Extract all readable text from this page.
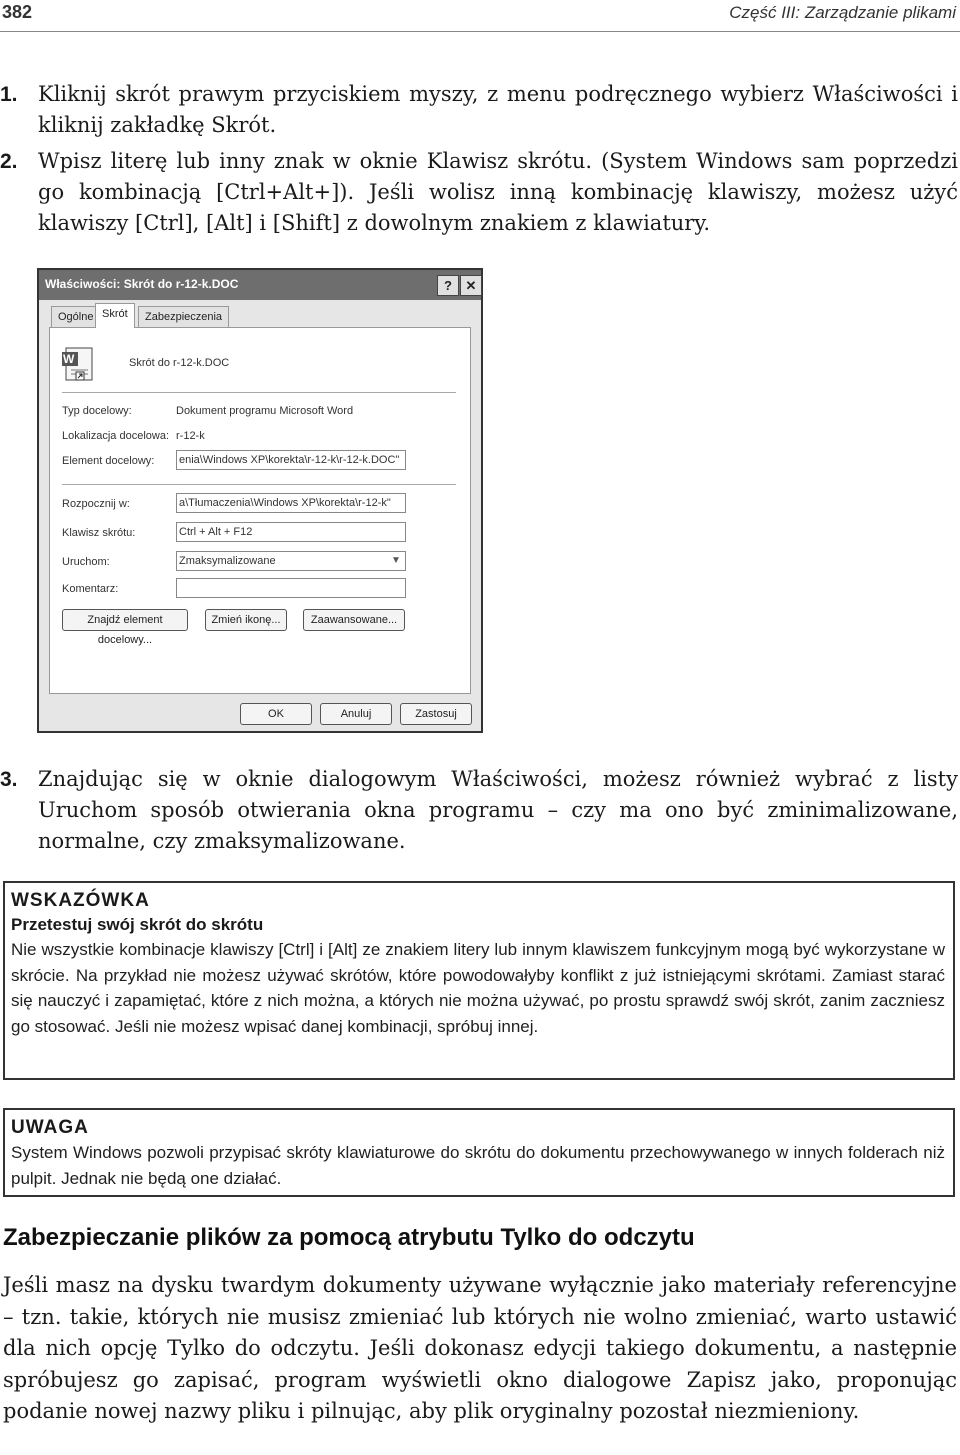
382	Część III: Zarządzanie plikami
1. Kliknij skrót prawym przyciskiem myszy, z menu podręcznego wybierz Właściwości i kliknij zakładkę Skrót.
2. Wpisz literę lub inny znak w oknie Klawisz skrótu. (System Windows sam poprzedzi go kombinacją [Ctrl+Alt+]). Jeśli wolisz inną kombinację klawiszy, możesz użyć klawiszy [Ctrl], [Alt] i [Shift] z dowolnym znakiem z klawiatury.
Właściwości: Skrót do r-12-k.DOC	?	✕
Ogólne Skrót	Zabezpieczenia
W	Skrót do r-12-k.DOC
Typ docelowy:	Dokument programu Microsoft Word
Lokalizacja docelowa: r-12-k
Element docelowy: enia\Windows XP\korekta\r-12-k\r-12-k.DOC"
Rozpocznij w:	a\Tłumaczenia\Windows XP\korekta\r-12-k"
Klawisz skrótu:	Ctrl + Alt + F12
Uruchom:	Zmaksymalizowane	▼
Komentarz:
Znajdź element docelowy...
Zmień ikonę...	Zaawansowane...
OK	Anuluj	Zastosuj
3. Znajdując się w oknie dialogowym Właściwości, możesz również wybrać z listy Uruchom sposób otwierania okna programu – czy ma ono być zminimalizowane, normalne, czy zmaksymalizowane.
WSKAZÓWKA
Przetestuj swój skrót do skrótu
Nie wszystkie kombinacje klawiszy [Ctrl] i [Alt] ze znakiem litery lub innym klawiszem funkcyjnym mogą być wykorzystane w skrócie. Na przykład nie możesz używać skrótów, które powodowałyby konflikt z już istniejącymi skrótami. Zamiast starać się nauczyć i zapamiętać, które z nich można, a których nie można używać, po prostu sprawdź swój skrót, zanim zaczniesz go stosować. Jeśli nie możesz wpisać danej kombinacji, spróbuj innej.
UWAGA
System Windows pozwoli przypisać skróty klawiaturowe do skrótu do dokumentu przechowywanego w innych folderach niż pulpit. Jednak nie będą one działać.
Zabezpieczanie plików za pomocą atrybutu Tylko do odczytu
Jeśli masz na dysku twardym dokumenty używane wyłącznie jako materiały referencyjne – tzn. takie, których nie musisz zmieniać lub których nie wolno zmieniać, warto ustawić dla nich opcję Tylko do odczytu. Jeśli dokonasz edycji takiego dokumentu, a następnie spróbujesz go zapisać, program wyświetli okno dialogowe Zapisz jako, proponując podanie nowej nazwy pliku i pilnując, aby plik oryginalny pozostał niezmieniony.
